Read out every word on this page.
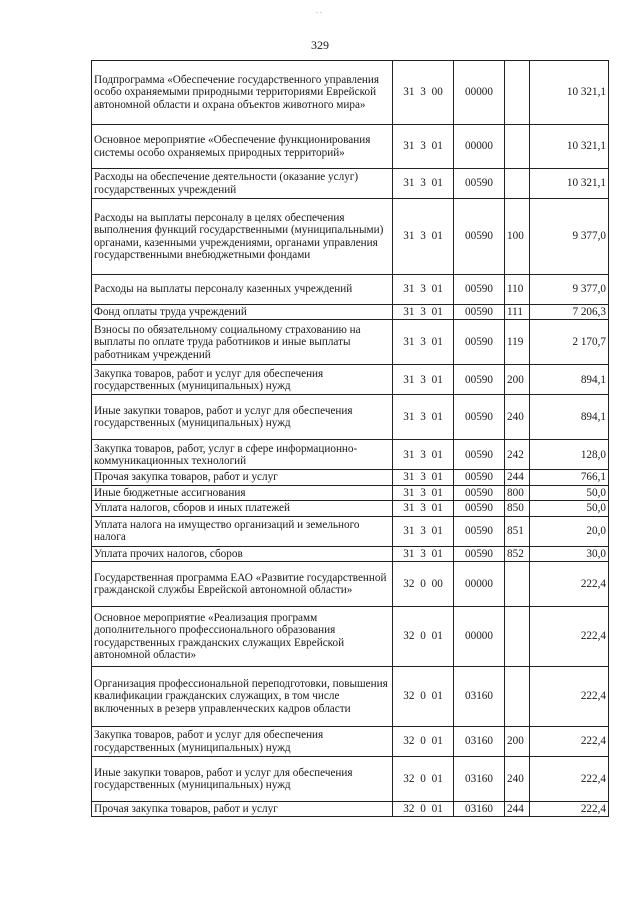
. .
329
Подпрограмма «Обеспечение государственного управления особо охраняемыми природными территориями Еврейской автономной области и охрана объектов животного мира»	31 3 00	00000		10 321,1
Основное мероприятие «Обеспечение функционирования системы особо охраняемых природных территорий»	31 3 01	00000		10 321,1
Расходы на обеспечение деятельности (оказание услуг) государственных учреждений	31 3 01	00590		10 321,1
Расходы на выплаты персоналу в целях обеспечения выполнения функций государственными (муниципальными) органами, казенными учреждениями, органами управления государственными внебюджетными фондами	31 3 01	00590	100	9 377,0
Расходы на выплаты персоналу казенных учреждений	31 3 01	00590	110	9 377,0
Фонд оплаты труда учреждений	31 3 01	00590	111	7 206,3
Взносы по обязательному социальному страхованию на выплаты по оплате труда работников и иные выплаты работникам учреждений	31 3 01	00590	119	2 170,7
Закупка товаров, работ и услуг для обеспечения государственных (муниципальных) нужд	31 3 01	00590	200	894,1
Иные закупки товаров, работ и услуг для обеспечения государственных (муниципальных) нужд	31 3 01	00590	240	894,1
Закупка товаров, работ, услуг в сфере информационно-коммуникационных технологий	31 3 01	00590	242	128,0
Прочая закупка товаров, работ и услуг	31 3 01	00590	244	766,1
Иные бюджетные ассигнования	31 3 01	00590	800	50,0
Уплата налогов, сборов и иных платежей	31 3 01	00590	850	50,0
Уплата налога на имущество организаций и земельного налога	31 3 01	00590	851	20,0
Уплата прочих налогов, сборов	31 3 01	00590	852	30,0
Государственная программа ЕАО «Развитие государственной гражданской службы Еврейской автономной области»	32 0 00	00000		222,4
Основное мероприятие «Реализация программ дополнительного профессионального образования государственных гражданских служащих Еврейской автономной области»	32 0 01	00000		222,4
Организация профессиональной переподготовки, повышения квалификации гражданских служащих, в том числе включенных в резерв управленческих кадров области	32 0 01	03160		222,4
Закупка товаров, работ и услуг для обеспечения государственных (муниципальных) нужд	32 0 01	03160	200	222,4
Иные закупки товаров, работ и услуг для обеспечения государственных (муниципальных) нужд	32 0 01	03160	240	222,4
Прочая закупка товаров, работ и услуг	32 0 01	03160	244	222,4
